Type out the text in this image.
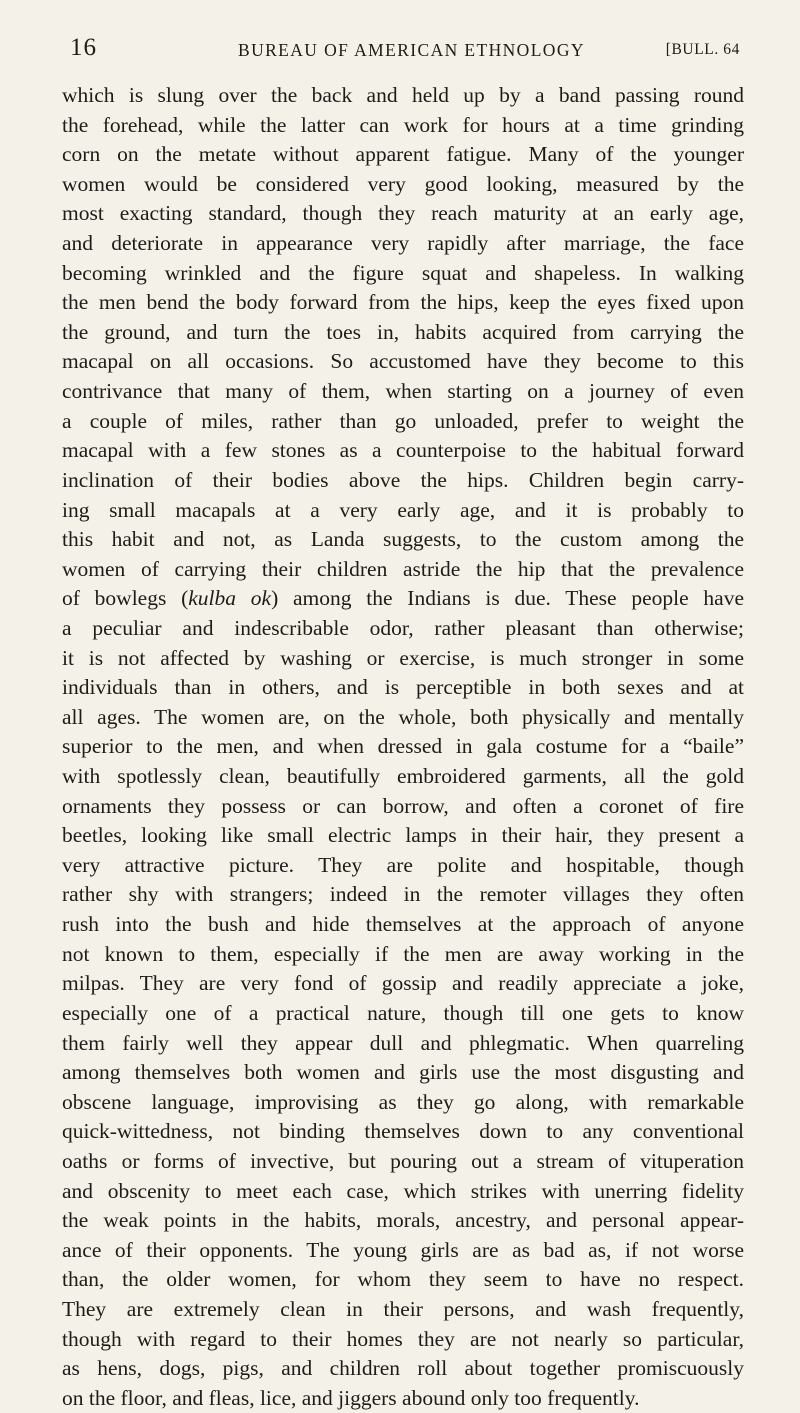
16	BUREAU OF AMERICAN ETHNOLOGY	[BULL. 64
which is slung over the back and held up by a band passing round
the forehead, while the latter can work for hours at a time grinding
corn on the metate without apparent fatigue. Many of the younger
women would be considered very good looking, measured by the
most exacting standard, though they reach maturity at an early age,
and deteriorate in appearance very rapidly after marriage, the face
becoming wrinkled and the figure squat and shapeless. In walking
the men bend the body forward from the hips, keep the eyes fixed upon
the ground, and turn the toes in, habits acquired from carrying the
macapal on all occasions. So accustomed have they become to this
contrivance that many of them, when starting on a journey of even
a couple of miles, rather than go unloaded, prefer to weight the
macapal with a few stones as a counterpoise to the habitual forward
inclination of their bodies above the hips. Children begin carry-
ing small macapals at a very early age, and it is probably to
this habit and not, as Landa suggests, to the custom among the
women of carrying their children astride the hip that the prevalence
of bowlegs (kulba ok) among the Indians is due. These people have
a peculiar and indescribable odor, rather pleasant than otherwise;
it is not affected by washing or exercise, is much stronger in some
individuals than in others, and is perceptible in both sexes and at
all ages. The women are, on the whole, both physically and mentally
superior to the men, and when dressed in gala costume for a “baile”
with spotlessly clean, beautifully embroidered garments, all the gold
ornaments they possess or can borrow, and often a coronet of fire
beetles, looking like small electric lamps in their hair, they present a
very attractive picture. They are polite and hospitable, though
rather shy with strangers; indeed in the remoter villages they often
rush into the bush and hide themselves at the approach of anyone
not known to them, especially if the men are away working in the
milpas. They are very fond of gossip and readily appreciate a joke,
especially one of a practical nature, though till one gets to know
them fairly well they appear dull and phlegmatic. When quarreling
among themselves both women and girls use the most disgusting and
obscene language, improvising as they go along, with remarkable
quick-wittedness, not binding themselves down to any conventional
oaths or forms of invective, but pouring out a stream of vituperation
and obscenity to meet each case, which strikes with unerring fidelity
the weak points in the habits, morals, ancestry, and personal appear-
ance of their opponents. The young girls are as bad as, if not worse
than, the older women, for whom they seem to have no respect.
They are extremely clean in their persons, and wash frequently,
though with regard to their homes they are not nearly so particular,
as hens, dogs, pigs, and children roll about together promiscuously
on the floor, and fleas, lice, and jiggers abound only too frequently.
